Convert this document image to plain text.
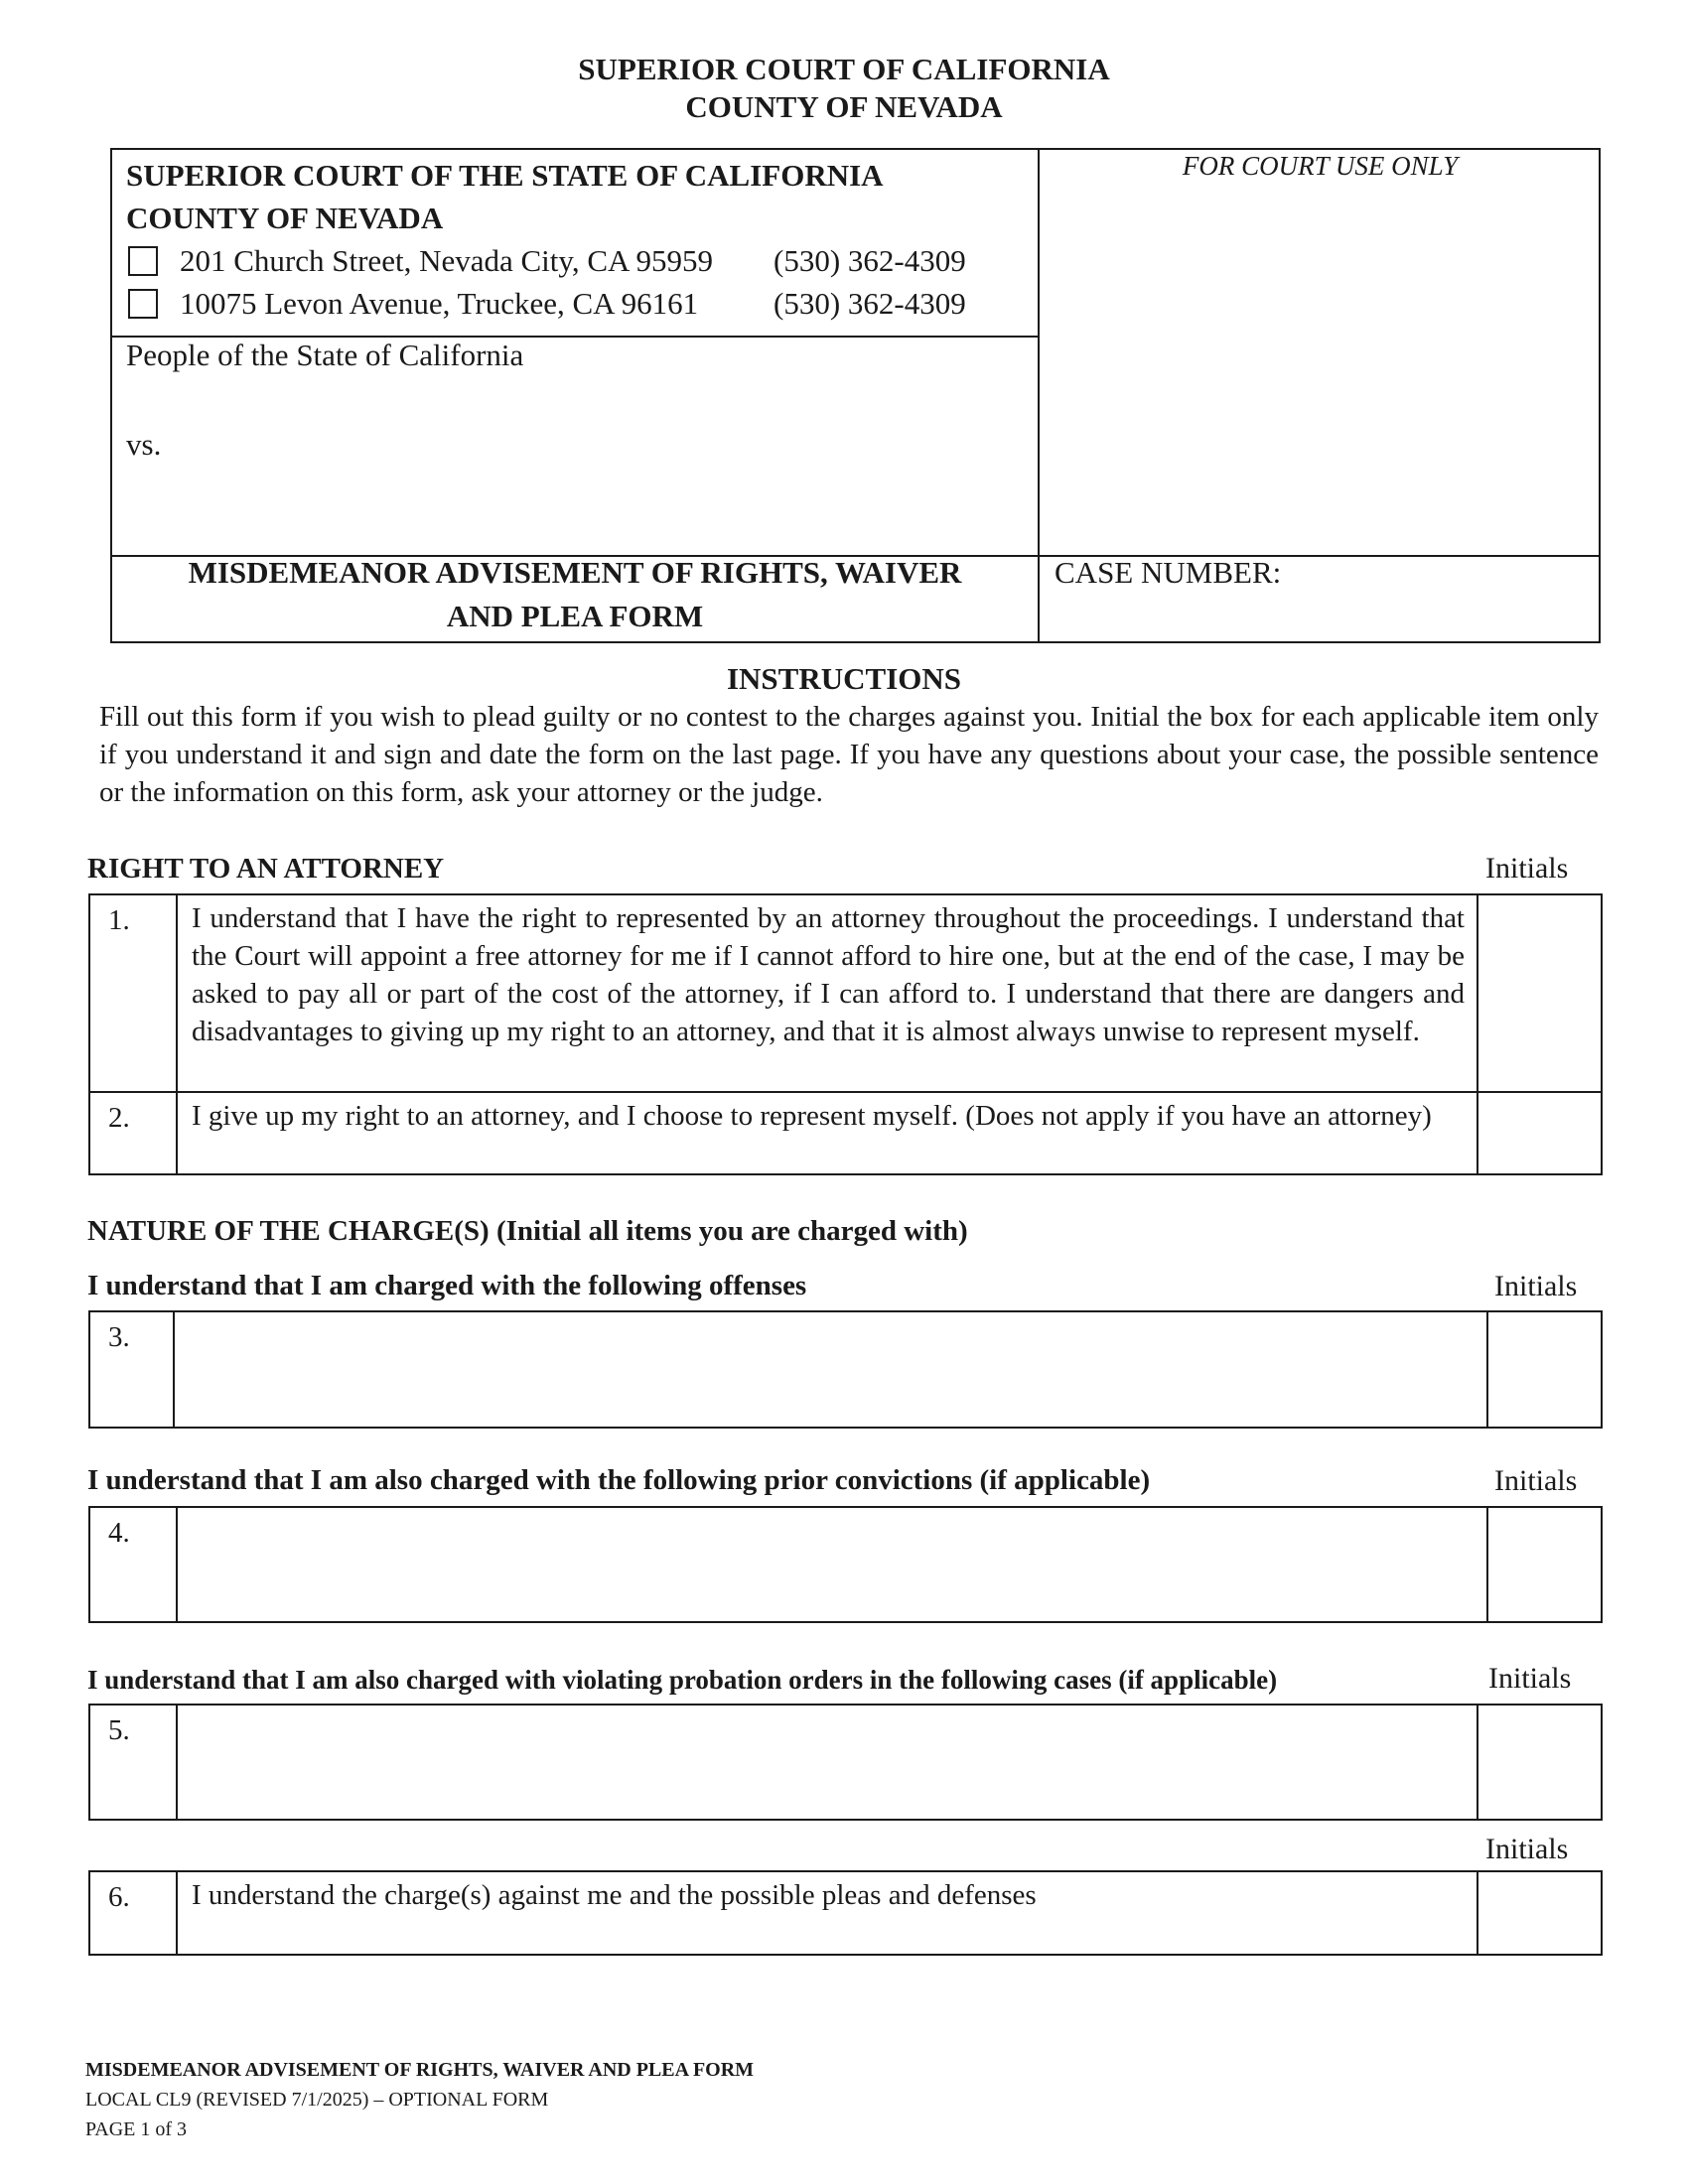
SUPERIOR COURT OF CALIFORNIA
COUNTY OF NEVADA
SUPERIOR COURT OF THE STATE OF CALIFORNIA
COUNTY OF NEVADA
201 Church Street, Nevada City, CA 95959 (530) 362-4309
10075 Levon Avenue, Truckee, CA 96161 (530) 362-4309
FOR COURT USE ONLY
People of the State of California
vs.
MISDEMEANOR ADVISEMENT OF RIGHTS, WAIVER
AND PLEA FORM
CASE NUMBER:
INSTRUCTIONS
Fill out this form if you wish to plead guilty or no contest to the charges against you. Initial the box for each applicable item only if you understand it and sign and date the form on the last page. If you have any questions about your case, the possible sentence or the information on this form, ask your attorney or the judge.
RIGHT TO AN ATTORNEY	Initials
1.	I understand that I have the right to represented by an attorney throughout the proceedings. I understand that the Court will appoint a free attorney for me if I cannot afford to hire one, but at the end of the case, I may be asked to pay all or part of the cost of the attorney, if I can afford to. I understand that there are dangers and disadvantages to giving up my right to an attorney, and that it is almost always unwise to represent myself.	
2.	I give up my right to an attorney, and I choose to represent myself. (Does not apply if you have an attorney)	
NATURE OF THE CHARGE(S) (Initial all items you are charged with)
I understand that I am charged with the following offenses	Initials
3.		
I understand that I am also charged with the following prior convictions (if applicable)	Initials
4.		
I understand that I am also charged with violating probation orders in the following cases (if applicable)	Initials
5.		
Initials
6.	I understand the charge(s) against me and the possible pleas and defenses	
MISDEMEANOR ADVISEMENT OF RIGHTS, WAIVER AND PLEA FORM
LOCAL CL9 (REVISED 7/1/2025) – OPTIONAL FORM
PAGE 1 of 3
